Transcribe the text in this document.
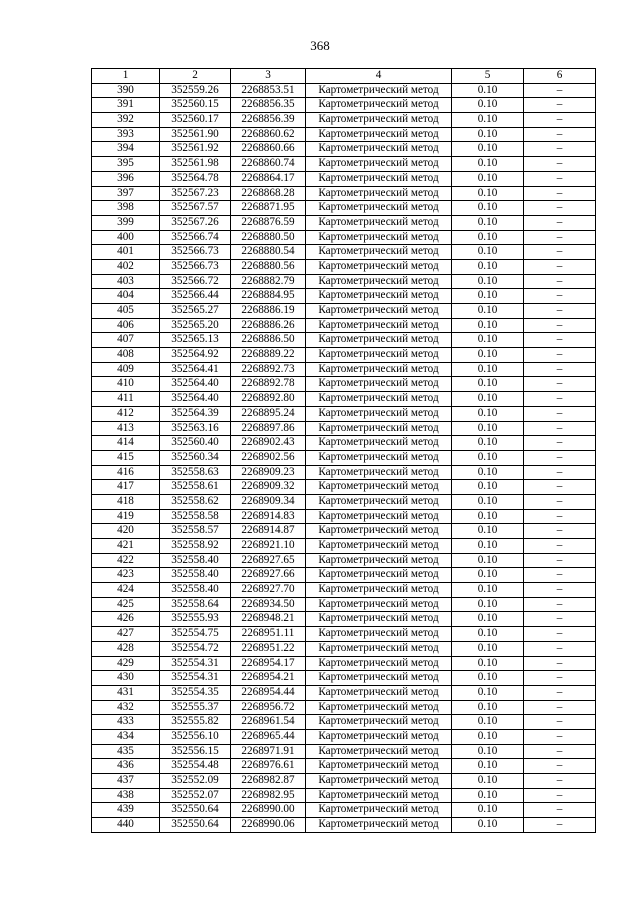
368
1	2	3	4	5	6
390	352559.26	2268853.51	Картометрический метод	0.10	–
391	352560.15	2268856.35	Картометрический метод	0.10	–
392	352560.17	2268856.39	Картометрический метод	0.10	–
393	352561.90	2268860.62	Картометрический метод	0.10	–
394	352561.92	2268860.66	Картометрический метод	0.10	–
395	352561.98	2268860.74	Картометрический метод	0.10	–
396	352564.78	2268864.17	Картометрический метод	0.10	–
397	352567.23	2268868.28	Картометрический метод	0.10	–
398	352567.57	2268871.95	Картометрический метод	0.10	–
399	352567.26	2268876.59	Картометрический метод	0.10	–
400	352566.74	2268880.50	Картометрический метод	0.10	–
401	352566.73	2268880.54	Картометрический метод	0.10	–
402	352566.73	2268880.56	Картометрический метод	0.10	–
403	352566.72	2268882.79	Картометрический метод	0.10	–
404	352566.44	2268884.95	Картометрический метод	0.10	–
405	352565.27	2268886.19	Картометрический метод	0.10	–
406	352565.20	2268886.26	Картометрический метод	0.10	–
407	352565.13	2268886.50	Картометрический метод	0.10	–
408	352564.92	2268889.22	Картометрический метод	0.10	–
409	352564.41	2268892.73	Картометрический метод	0.10	–
410	352564.40	2268892.78	Картометрический метод	0.10	–
411	352564.40	2268892.80	Картометрический метод	0.10	–
412	352564.39	2268895.24	Картометрический метод	0.10	–
413	352563.16	2268897.86	Картометрический метод	0.10	–
414	352560.40	2268902.43	Картометрический метод	0.10	–
415	352560.34	2268902.56	Картометрический метод	0.10	–
416	352558.63	2268909.23	Картометрический метод	0.10	–
417	352558.61	2268909.32	Картометрический метод	0.10	–
418	352558.62	2268909.34	Картометрический метод	0.10	–
419	352558.58	2268914.83	Картометрический метод	0.10	–
420	352558.57	2268914.87	Картометрический метод	0.10	–
421	352558.92	2268921.10	Картометрический метод	0.10	–
422	352558.40	2268927.65	Картометрический метод	0.10	–
423	352558.40	2268927.66	Картометрический метод	0.10	–
424	352558.40	2268927.70	Картометрический метод	0.10	–
425	352558.64	2268934.50	Картометрический метод	0.10	–
426	352555.93	2268948.21	Картометрический метод	0.10	–
427	352554.75	2268951.11	Картометрический метод	0.10	–
428	352554.72	2268951.22	Картометрический метод	0.10	–
429	352554.31	2268954.17	Картометрический метод	0.10	–
430	352554.31	2268954.21	Картометрический метод	0.10	–
431	352554.35	2268954.44	Картометрический метод	0.10	–
432	352555.37	2268956.72	Картометрический метод	0.10	–
433	352555.82	2268961.54	Картометрический метод	0.10	–
434	352556.10	2268965.44	Картометрический метод	0.10	–
435	352556.15	2268971.91	Картометрический метод	0.10	–
436	352554.48	2268976.61	Картометрический метод	0.10	–
437	352552.09	2268982.87	Картометрический метод	0.10	–
438	352552.07	2268982.95	Картометрический метод	0.10	–
439	352550.64	2268990.00	Картометрический метод	0.10	–
440	352550.64	2268990.06	Картометрический метод	0.10	–
